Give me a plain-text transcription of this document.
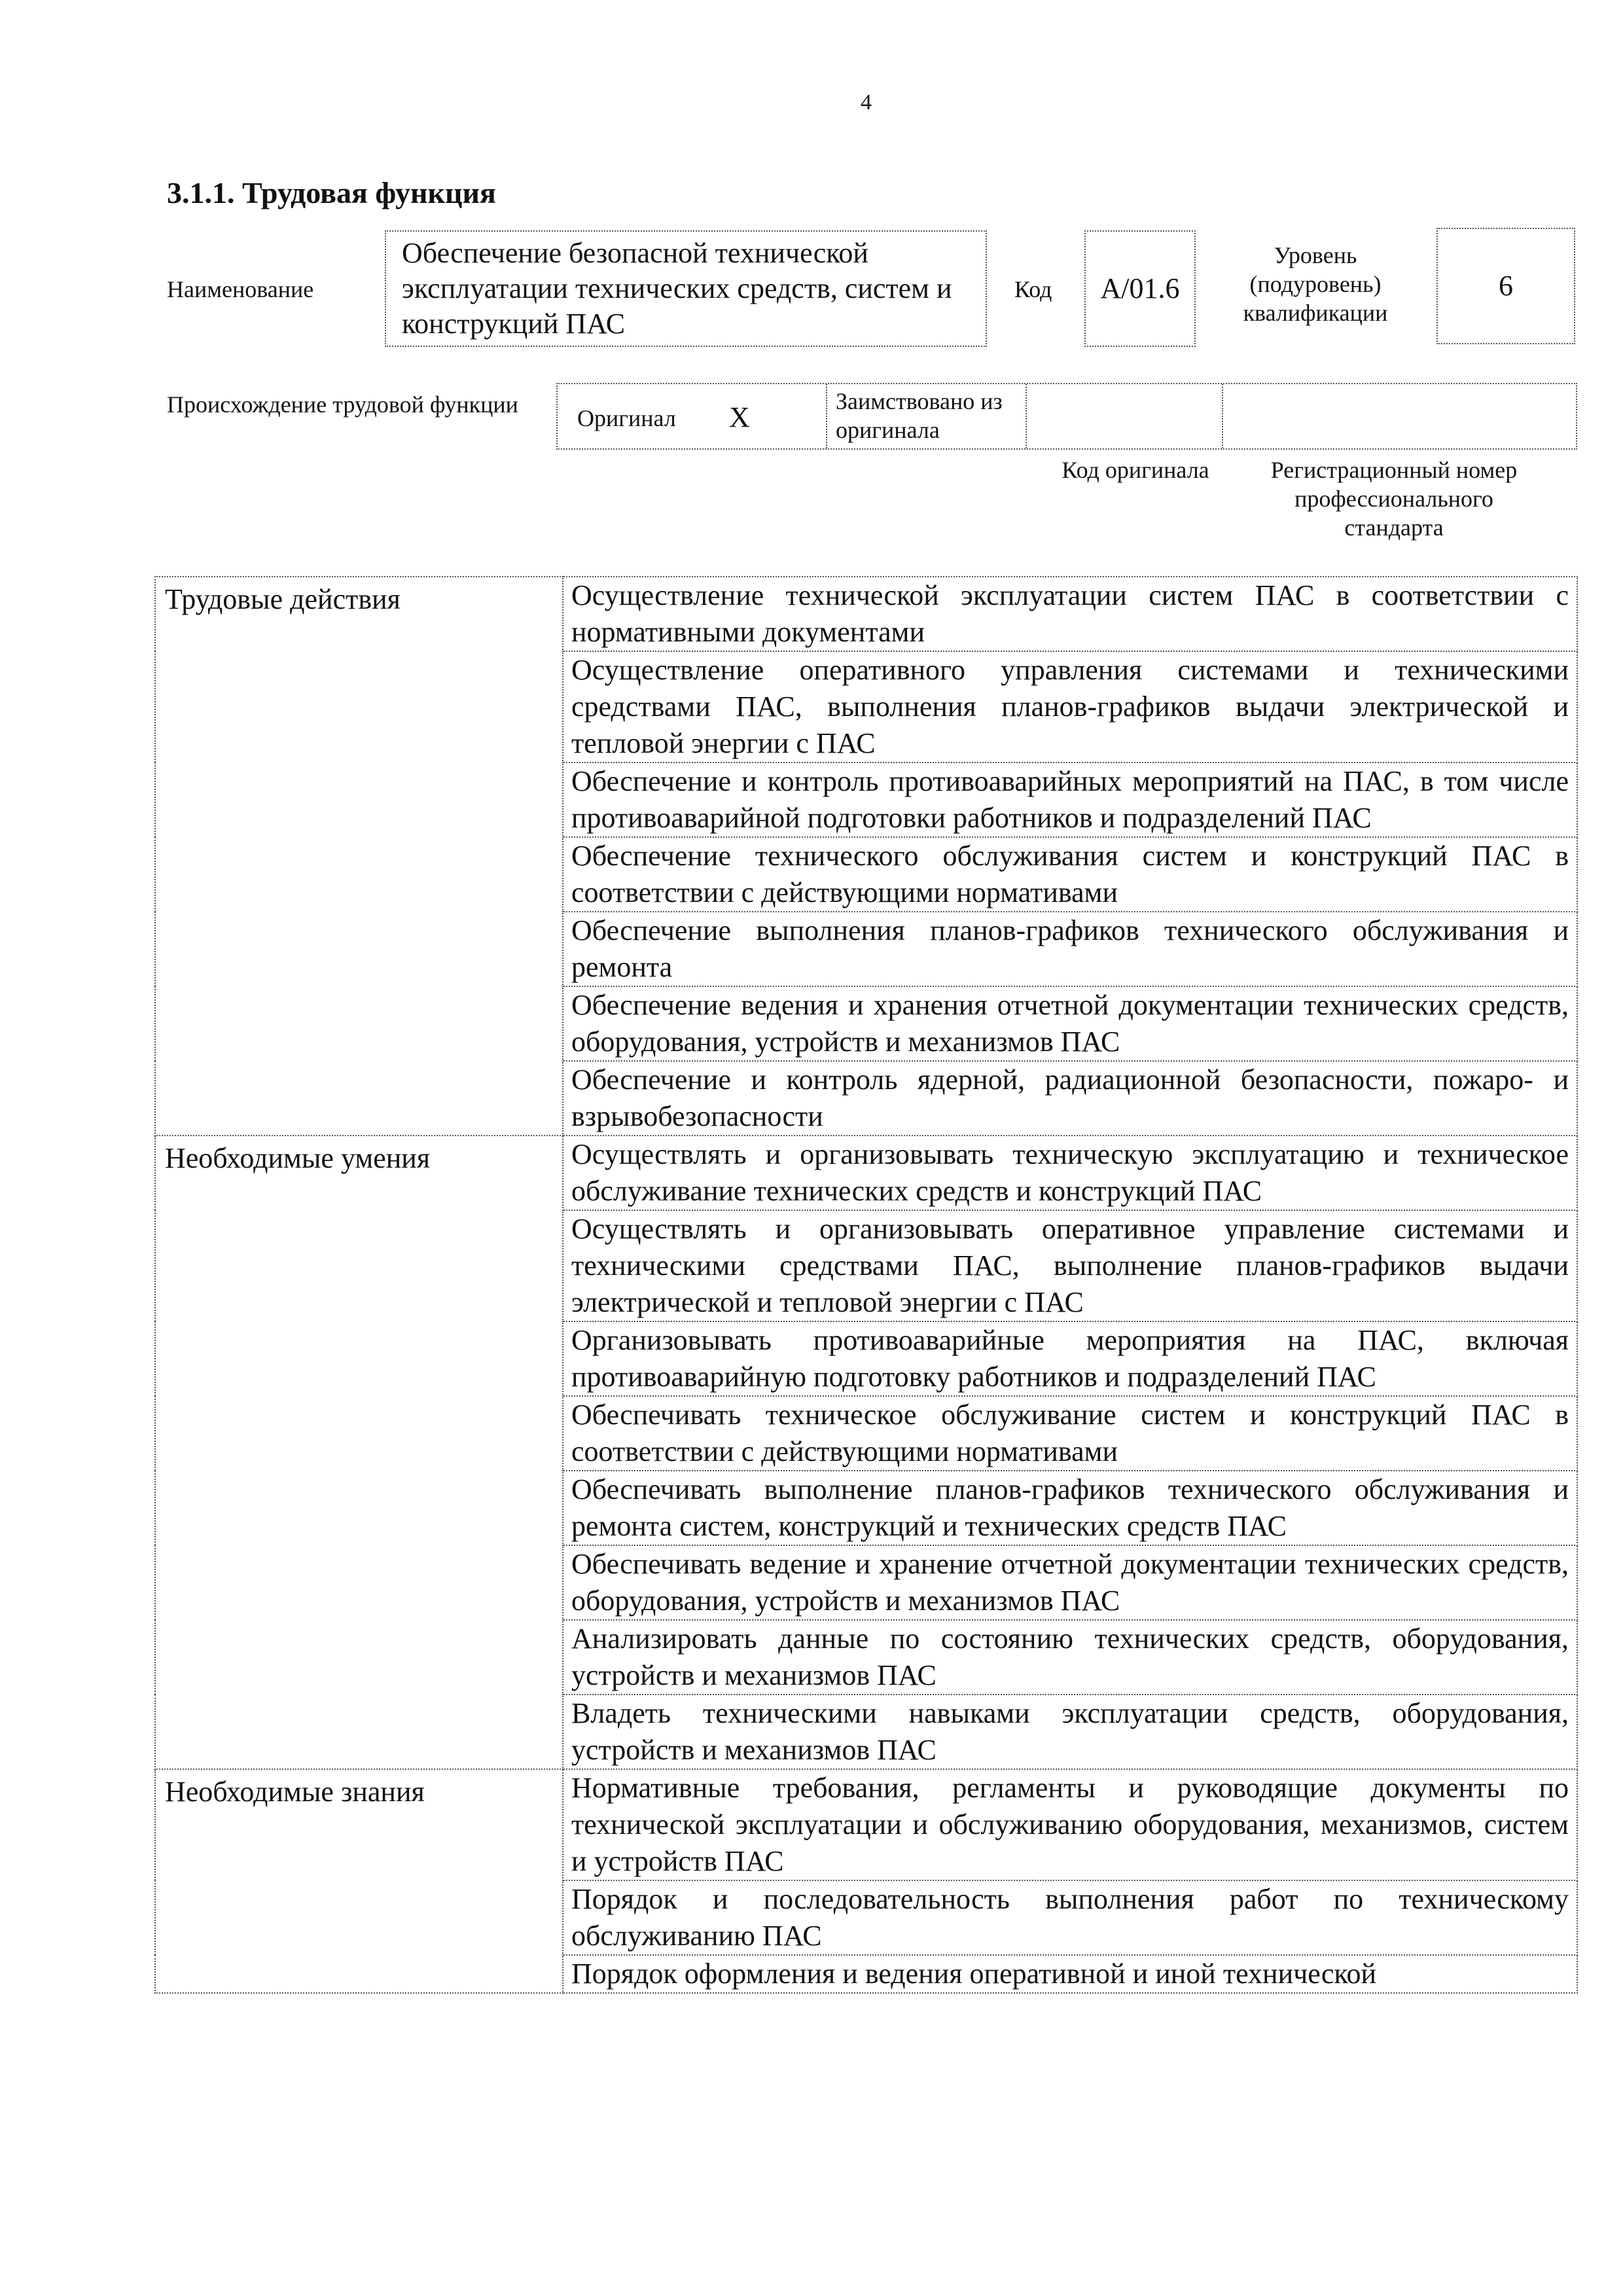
4
3.1.1. Трудовая функция
Наименование
Обеспечение безопасной технической эксплуатации технических средств, систем и конструкций ПАС
Код	А/01.6
Уровень (подуровень) квалификации
6
Происхождение трудовой функции
Оригинал X	Заимствовано из оригинала
Код оригинала	Регистрационный номер профессионального стандарта
Трудовые действия	Осуществление технической эксплуатации систем ПАС в соответствии с нормативными документами
	Осуществление оперативного управления системами и техническими средствами ПАС, выполнения планов-графиков выдачи электрической и тепловой энергии с ПАС
	Обеспечение и контроль противоаварийных мероприятий на ПАС, в том числе противоаварийной подготовки работников и подразделений ПАС
	Обеспечение технического обслуживания систем и конструкций ПАС в соответствии с действующими нормативами
	Обеспечение выполнения планов-графиков технического обслуживания и ремонта
	Обеспечение ведения и хранения отчетной документации технических средств, оборудования, устройств и механизмов ПАС
	Обеспечение и контроль ядерной, радиационной безопасности, пожаро- и взрывобезопасности
Необходимые умения	Осуществлять и организовывать техническую эксплуатацию и техническое обслуживание технических средств и конструкций ПАС
	Осуществлять и организовывать оперативное управление системами и техническими средствами ПАС, выполнение планов-графиков выдачи электрической и тепловой энергии с ПАС
	Организовывать противоаварийные мероприятия на ПАС, включая противоаварийную подготовку работников и подразделений ПАС
	Обеспечивать техническое обслуживание систем и конструкций ПАС в соответствии с действующими нормативами
	Обеспечивать выполнение планов-графиков технического обслуживания и ремонта систем, конструкций и технических средств ПАС
	Обеспечивать ведение и хранение отчетной документации технических средств, оборудования, устройств и механизмов ПАС
	Анализировать данные по состоянию технических средств, оборудования, устройств и механизмов ПАС
	Владеть техническими навыками эксплуатации средств, оборудования, устройств и механизмов ПАС
Необходимые знания	Нормативные требования, регламенты и руководящие документы по технической эксплуатации и обслуживанию оборудования, механизмов, систем и устройств ПАС
	Порядок и последовательность выполнения работ по техническому обслуживанию ПАС
	Порядок оформления и ведения оперативной и иной технической
